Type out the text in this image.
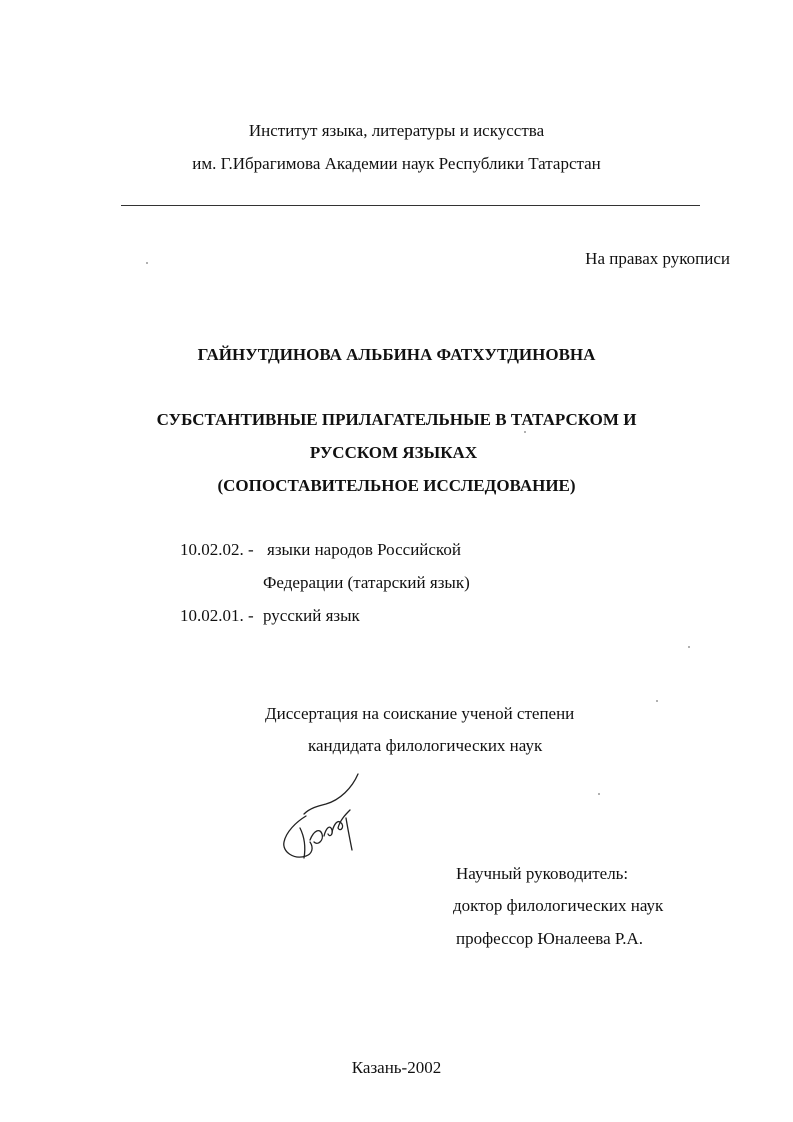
Институт языка, литературы и искусства
им. Г.Ибрагимова Академии наук Республики Татарстан
На правах рукописи
ГАЙНУТДИНОВА АЛЬБИНА ФАТХУТДИНОВНА
СУБСТАНТИВНЫЕ ПРИЛАГАТЕЛЬНЫЕ В ТАТАРСКОМ И
РУССКОМ ЯЗЫКАХ
(СОПОСТАВИТЕЛЬНОЕ ИССЛЕДОВАНИЕ)
10.02.02. - языки народов Российской
Федерации (татарский язык)
10.02.01. - русский язык
Диссертация на соискание ученой степени
кандидата филологических наук
Научный руководитель:
доктор филологических наук
профессор Юналеева Р.А.
Казань-2002
